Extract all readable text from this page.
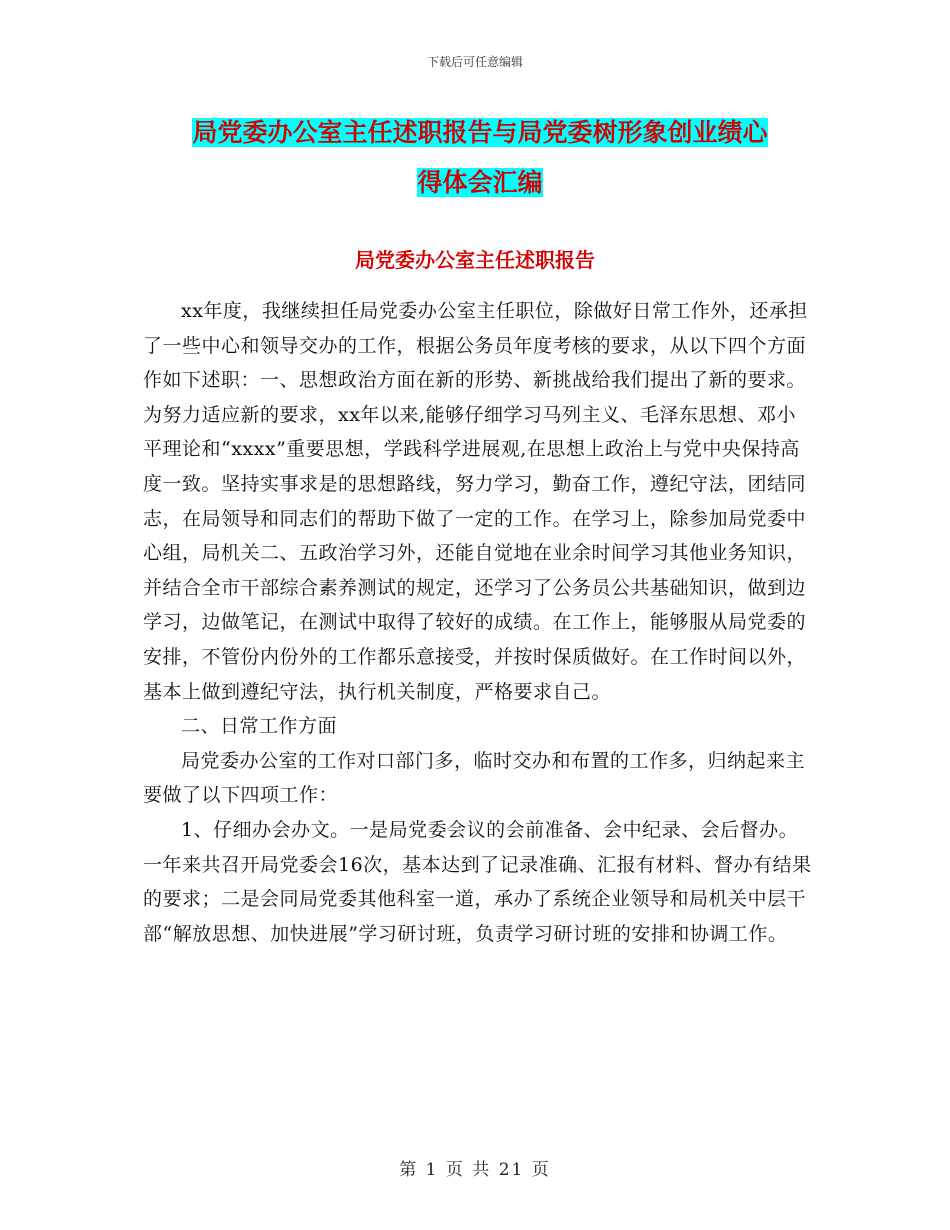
下载后可任意编辑
局党委办公室主任述职报告与局党委树形象创业绩心
得体会汇编
局党委办公室主任述职报告

xx年度，我继续担任局党委办公室主任职位，除做好日常工作外，还承担了一些中心和领导交办的工作，根据公务员年度考核的要求，从以下四个方面作如下述职：一、思想政治方面在新的形势、新挑战给我们提出了新的要求。为努力适应新的要求，xx年以来,能够仔细学习马列主义、毛泽东思想、邓小平理论和“xxxx”重要思想，学践科学进展观,在思想上政治上与党中央保持高度一致。坚持实事求是的思想路线，努力学习，勤奋工作，遵纪守法，团结同志，在局领导和同志们的帮助下做了一定的工作。在学习上，除参加局党委中心组，局机关二、五政治学习外，还能自觉地在业余时间学习其他业务知识，并结合全市干部综合素养测试的规定，还学习了公务员公共基础知识，做到边学习，边做笔记，在测试中取得了较好的成绩。在工作上，能够服从局党委的安排，不管份内份外的工作都乐意接受，并按时保质做好。在工作时间以外，基本上做到遵纪守法，执行机关制度，严格要求自己。

二、日常工作方面

局党委办公室的工作对口部门多，临时交办和布置的工作多，归纳起来主要做了以下四项工作：

1、仔细办会办文。一是局党委会议的会前准备、会中纪录、会后督办。一年来共召开局党委会16次，基本达到了记录准确、汇报有材料、督办有结果的要求；二是会同局党委其他科室一道，承办了系统企业领导和局机关中层干部“解放思想、加快进展”学习研讨班，负责学习研讨班的安排和协调工作。

第 1 页 共 21 页
